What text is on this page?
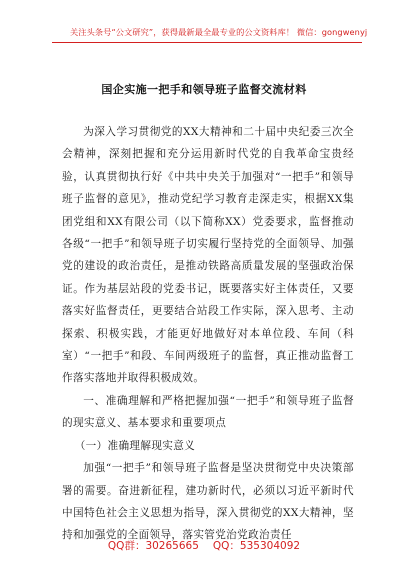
关注头条号“公文研究”，获得最新最全最专业的公文资料库！ 微信：gongwenyj
国企实施一把手和领导班子监督交流材料

为深入学习贯彻党的XX大精神和二十届中央纪委三次全会精神，深刻把握和充分运用新时代党的自我革命宝贵经验，认真贯彻执行好《中共中央关于加强对“一把手”和领导班子监督的意见》，推动党纪学习教育走深走实，根据XX集团党组和XX有限公司（以下简称XX）党委要求，监督推动各级“一把手”和领导班子切实履行坚持党的全面领导、加强党的建设的政治责任，是推动铁路高质量发展的坚强政治保证。作为基层站段的党委书记，既要落实好主体责任，又要落实好监督责任，更要结合站段工作实际，深入思考、主动探索、积极实践，才能更好地做好对本单位段、车间（科室）“一把手”和段、车间两级班子的监督，真正推动监督工作落实落地并取得积极成效。

一、准确理解和严格把握加强“一把手”和领导班子监督的现实意义、基本要求和重要项点

（一）准确理解现实意义

加强“一把手”和领导班子监督是坚决贯彻党中央决策部署的需要。奋进新征程，建功新时代，必须以习近平新时代中国特色社会主义思想为指导，深入贯彻党的XX大精神，坚持和加强党的全面领导，落实管党治党政治责任

QQ群：30265665 QQ：535304092
